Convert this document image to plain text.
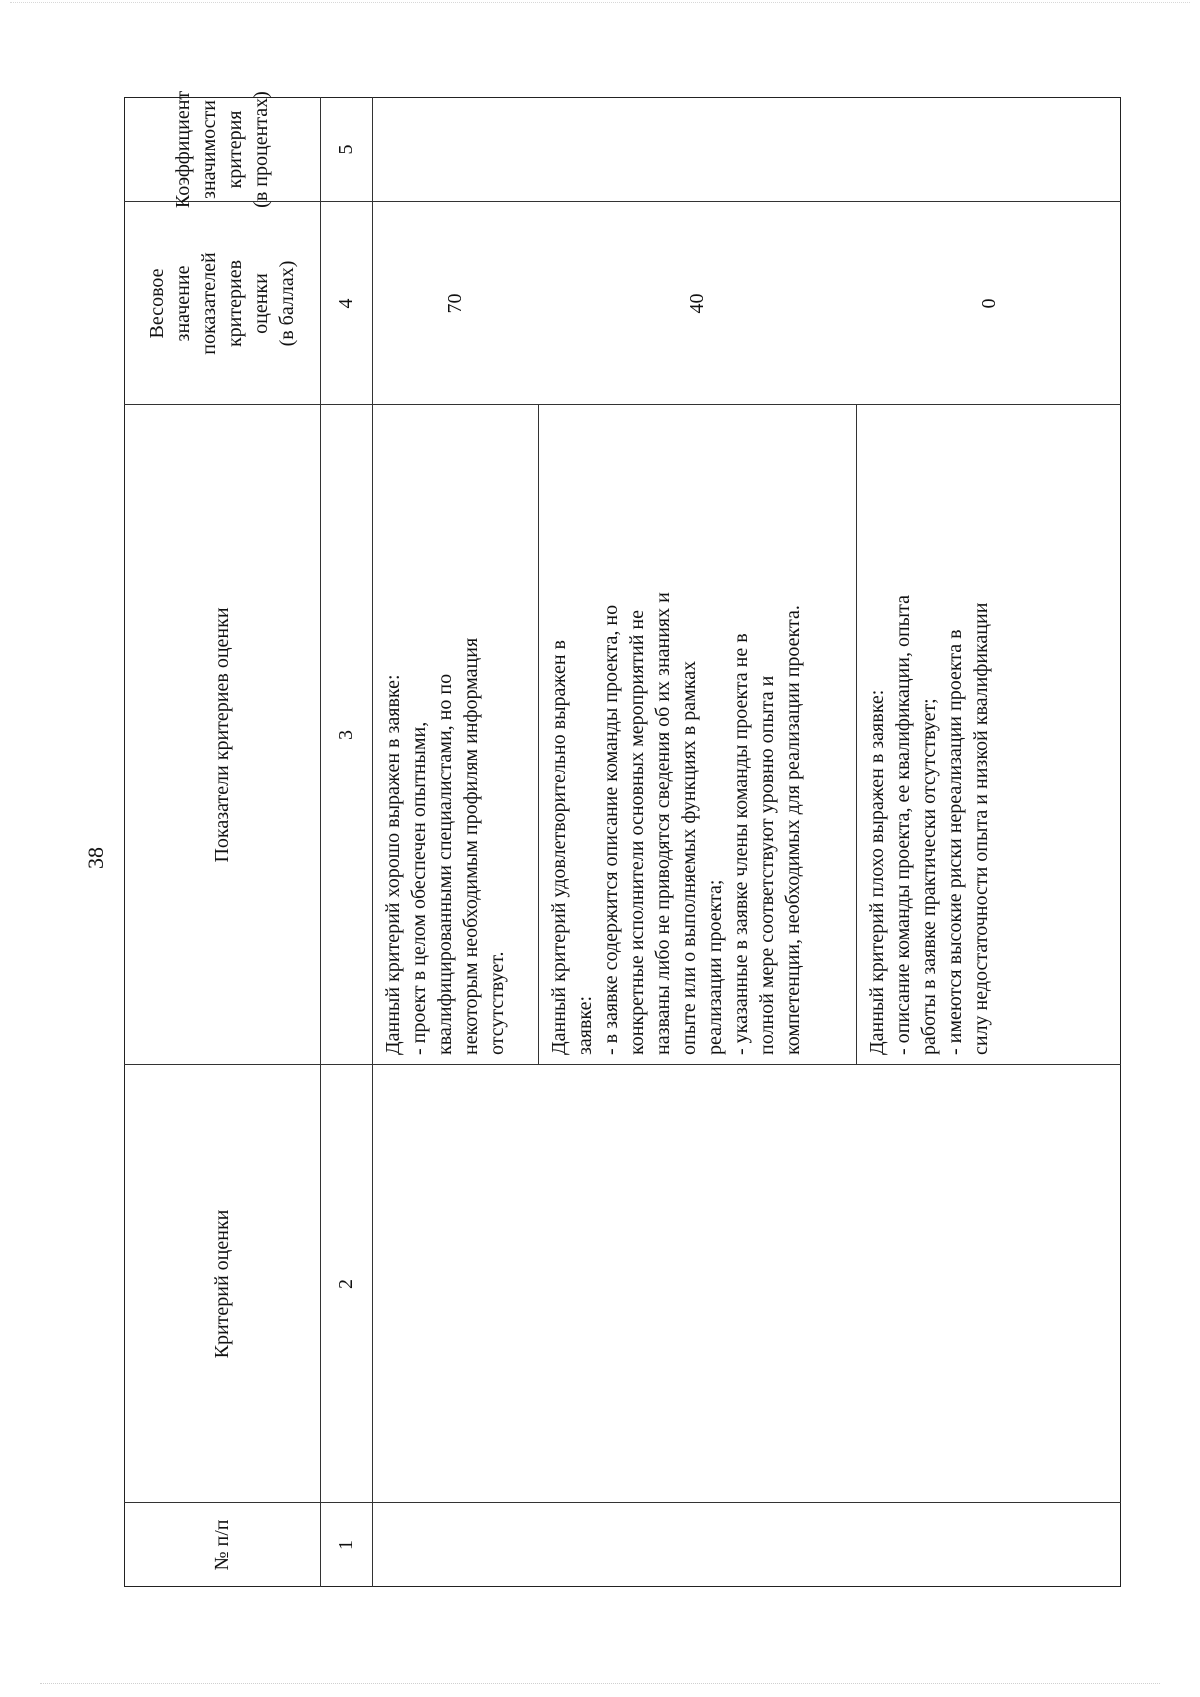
38
№ п/п
Критерий оценки
Показатели критериев оценки
Весовое
значение
показателей
критериев
оценки
(в баллах)
Коэффициент
значимости
критерия
(в процентах)
1
2
3
4
5

Данный критерий хорошо выражен в заявке:
- проект в целом обеспечен опытными,
квалифицированными специалистами, но по
некоторым необходимым профилям информация
отсутствует. Данный критерий удовлетворительно выражен в
заявке:
- в заявке содержится описание команды проекта, но
конкретные исполнители основных мероприятий не
названы либо не приводятся сведения об их знаниях и
опыте или о выполняемых функциях в рамках
реализации проекта;
- указанные в заявке члены команды проекта не в
полной мере соответствуют уровню опыта и
компетенции, необходимых для реализации проекта.

Данный критерий плохо выражен в заявке:
- описание команды проекта, ее квалификации, опыта
работы в заявке практически отсутствует;
- имеются высокие риски нереализации проекта в
силу недостаточности опыта и низкой квалификации

70	40	0
